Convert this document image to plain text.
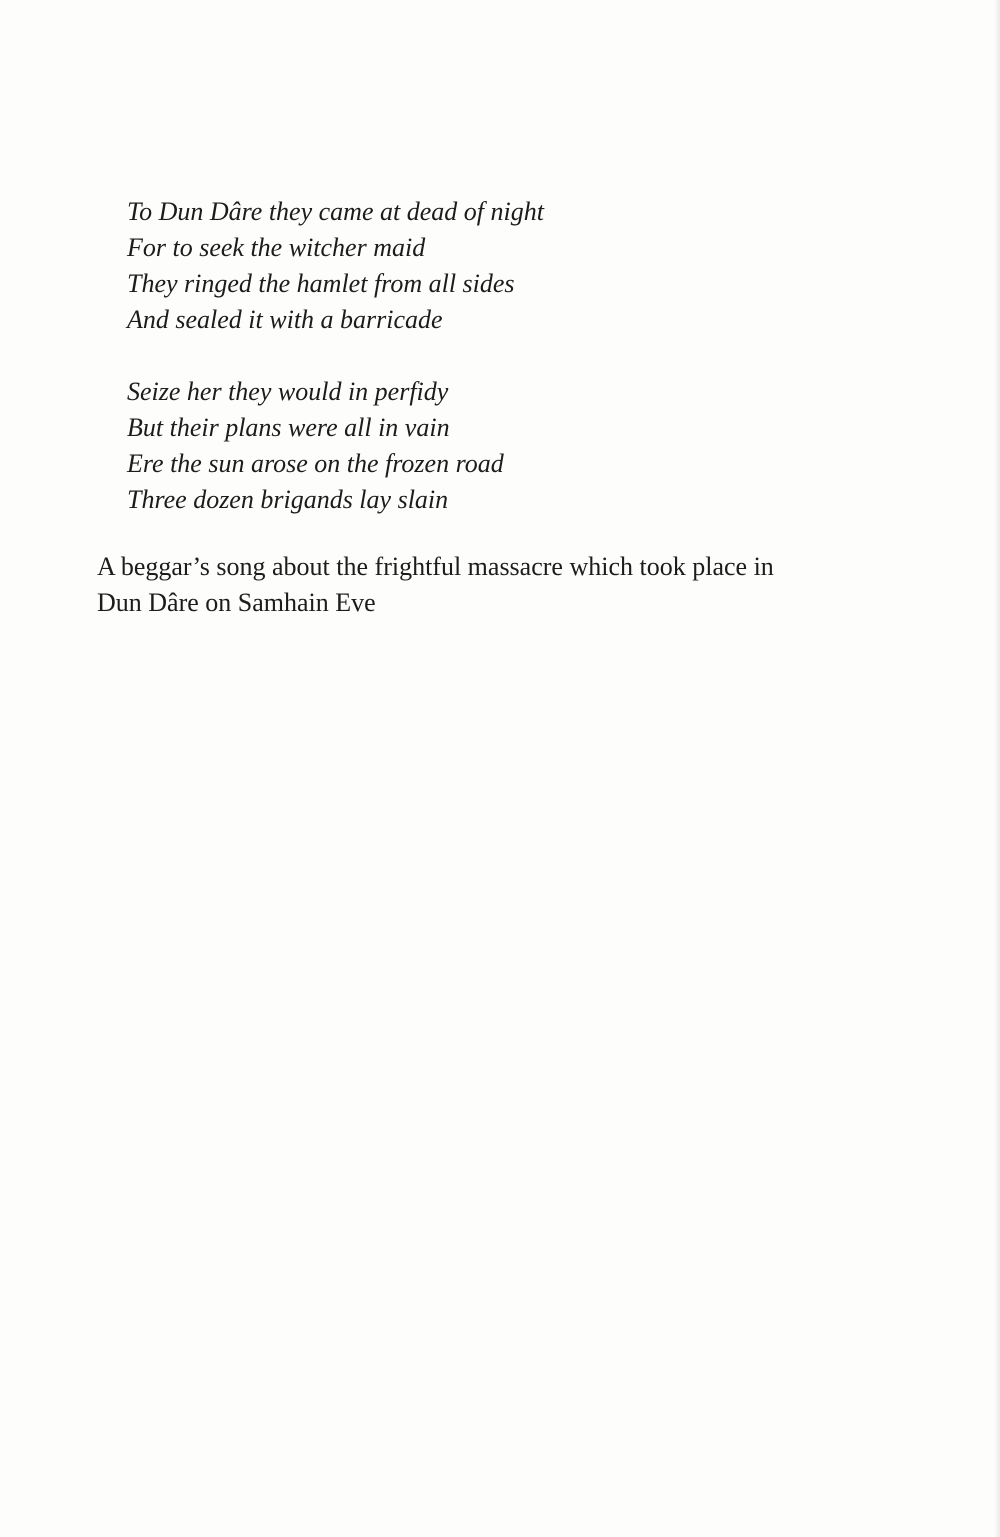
To Dun Dâre they came at dead of night
For to seek the witcher maid
They ringed the hamlet from all sides
And sealed it with a barricade
Seize her they would in perfidy
But their plans were all in vain
Ere the sun arose on the frozen road
Three dozen brigands lay slain

A beggar’s song about the frightful massacre which took place in
Dun Dâre on Samhain Eve
